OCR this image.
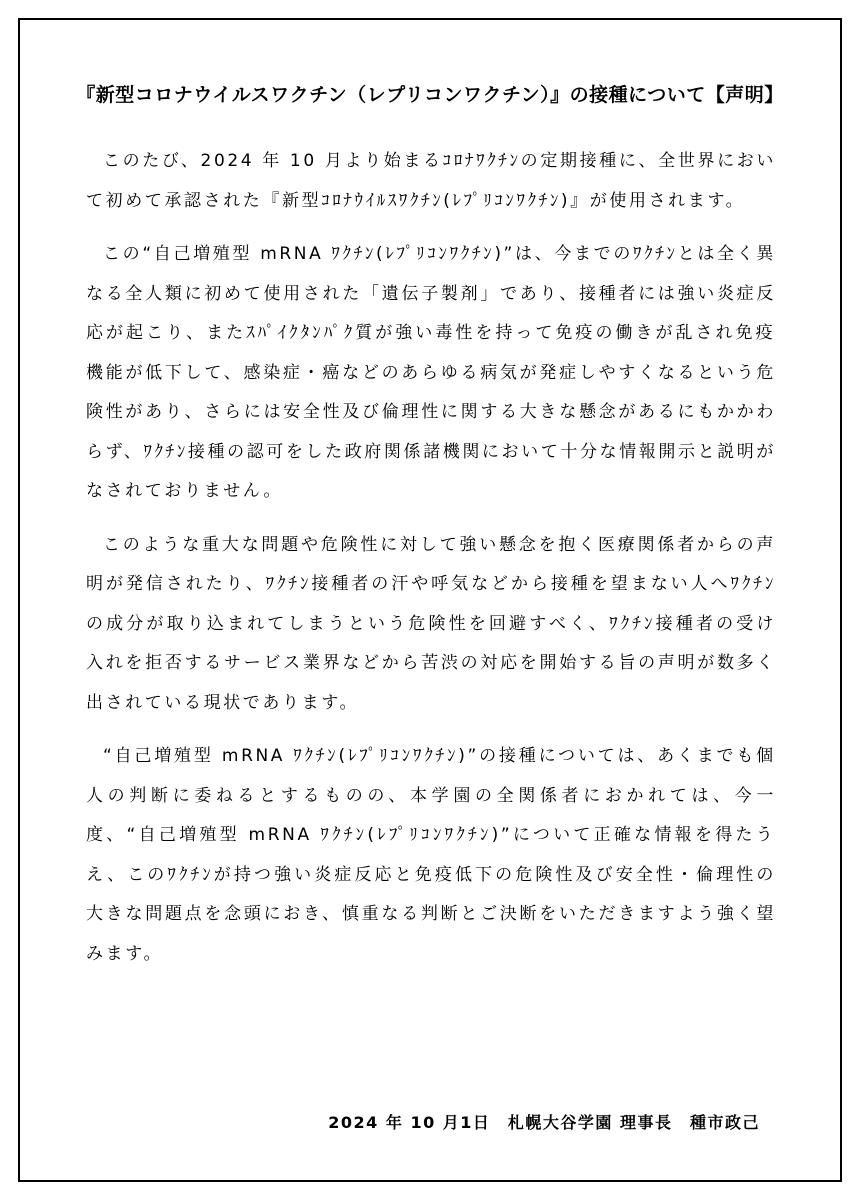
『新型コロナウイルスワクチン（レプリコンワクチン）』の接種について【声明】

このたび、2024 年 10 月より始まるｺﾛﾅﾜｸﾁﾝの定期接種に、全世界において初めて承認された『新型ｺﾛﾅｳｲﾙｽﾜｸﾁﾝ(ﾚﾌﾟﾘｺﾝﾜｸﾁﾝ)』が使用されます。

この“自己増殖型 mRNA ﾜｸﾁﾝ(ﾚﾌﾟﾘｺﾝﾜｸﾁﾝ)”は、今までのﾜｸﾁﾝとは全く異なる全人類に初めて使用された「遺伝子製剤」であり、接種者には強い炎症反応が起こり、またｽﾊﾟｲｸﾀﾝﾊﾟｸ質が強い毒性を持って免疫の働きが乱され免疫機能が低下して、感染症・癌などのあらゆる病気が発症しやすくなるという危険性があり、さらには安全性及び倫理性に関する大きな懸念があるにもかかわらず、ﾜｸﾁﾝ接種の認可をした政府関係諸機関において十分な情報開示と説明がなされておりません。

このような重大な問題や危険性に対して強い懸念を抱く医療関係者からの声明が発信されたり、ﾜｸﾁﾝ接種者の汗や呼気などから接種を望まない人へﾜｸﾁﾝの成分が取り込まれてしまうという危険性を回避すべく、ﾜｸﾁﾝ接種者の受け入れを拒否するサービス業界などから苦渋の対応を開始する旨の声明が数多く出されている現状であります。

“自己増殖型 mRNA ﾜｸﾁﾝ(ﾚﾌﾟﾘｺﾝﾜｸﾁﾝ)”の接種については、あくまでも個人の判断に委ねるとするものの、本学園の全関係者におかれては、今一度、“自己増殖型 mRNA ﾜｸﾁﾝ(ﾚﾌﾟﾘｺﾝﾜｸﾁﾝ)”について正確な情報を得たうえ、このﾜｸﾁﾝが持つ強い炎症反応と免疫低下の危険性及び安全性・倫理性の大きな問題点を念頭におき、慎重なる判断とご決断をいただきますよう強く望みます。

2024 年 10 月1日　札幌大谷学園 理事長　種市政己
